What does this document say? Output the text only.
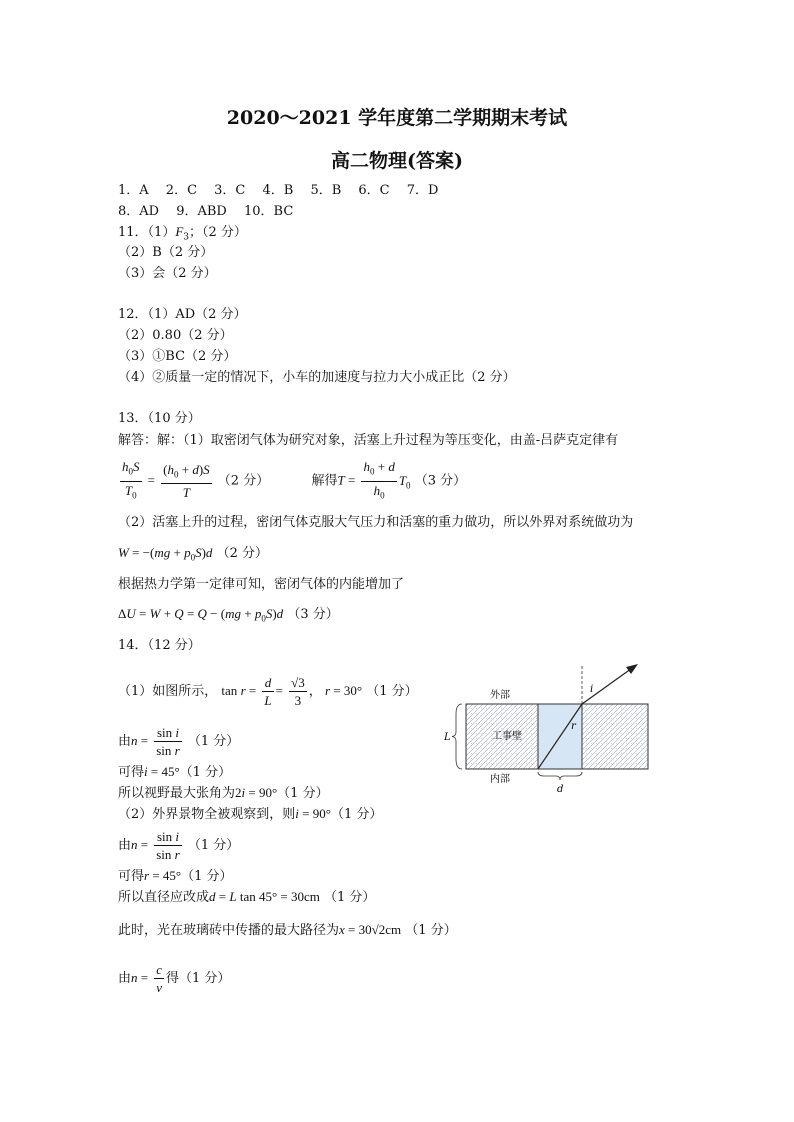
2020～2021 学年度第二学期期末考试
高二物理(答案)
1．A　 2．C　 3．C　 4．B　 5．B　 6．C　 7．D
8．AD　 9．ABD　 10．BC
11．$(1)F_3$；（2 分）
（2）B（2 分）
（3）会（2 分）
12．（1）AD（2 分）
（2）0.80（2 分）
（3）①BC（2 分）
（4）②质量一定的情况下，小车的加速度与拉力大小成正比（2 分）
13．（10 分）
解答：解：（1）取密闭气体为研究对象，活塞上升过程为等压变化，由盖-吕萨克定律有
$\frac{h_0S}{T_0} = \frac{(h_0 + d)S}{T} (2$ 分）	解得$T = \frac{h_0 + d}{h_0} T_0$ （3 分）
（2）活塞上升的过程，密闭气体克服大气压力和活塞的重力做功，所以外界对系统做功为
$W = -(mg + p_0S)d$ （2 分）
根据热力学第一定律可知，密闭气体的内能增加了
$\Delta U = W + Q = Q - (mg + p_0S)d$ （3 分）
14．（12 分）
（1）如图所示， $\tan r = \frac{d}{L} = \frac{√3}{3}$ ， r = 30° （1 分）
由$n = \frac{\text{sin i}}{\text{sin r}} (1$ 分）
可得i = 45°（1 分）
所以视野最大张角为2i = 90°（1 分）
（2）外界景物全被观察到，则i = 90°（1 分）
由$n = \frac{\text{sin i}}{\text{sin r}} (1$ 分）
可得r = 45°（1 分）
所以直径应改成d = L tan 45° = 30cm （1 分）
此时，光在玻璃砖中传播的最大路径为x = 30√2cm （1 分）
由$n = \frac{c}{v}$ 得（1 分）
外部
内部
工事壁
L
d
i
r
